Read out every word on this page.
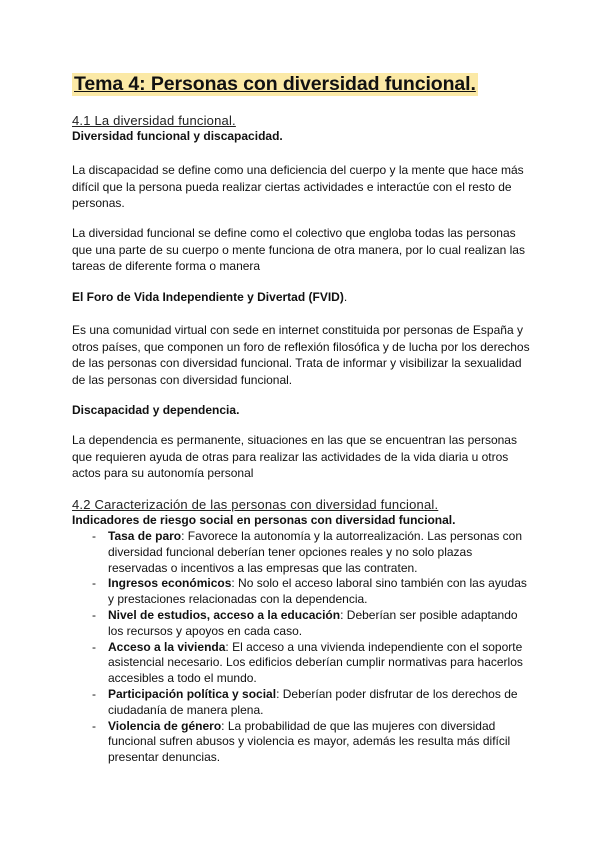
Tema 4: Personas con diversidad funcional.
4.1 La diversidad funcional.
Diversidad funcional y discapacidad.

La discapacidad se define como una deficiencia del cuerpo y la mente que hace más difícil que la persona pueda realizar ciertas actividades e interactúe con el resto de personas.

La diversidad funcional se define como el colectivo que engloba todas las personas que una parte de su cuerpo o mente funciona de otra manera, por lo cual realizan las tareas de diferente forma o manera

El Foro de Vida Independiente y Divertad (FVID).

Es una comunidad virtual con sede en internet constituida por personas de España y otros países, que componen un foro de reflexión filosófica y de lucha por los derechos de las personas con diversidad funcional. Trata de informar y visibilizar la sexualidad de las personas con diversidad funcional.

Discapacidad y dependencia.

La dependencia es permanente, situaciones en las que se encuentran las personas que requieren ayuda de otras para realizar las actividades de la vida diaria u otros actos para su autonomía personal

4.2 Caracterización de las personas con diversidad funcional.
Indicadores de riesgo social en personas con diversidad funcional.
- Tasa de paro: Favorece la autonomía y la autorrealización. Las personas con diversidad funcional deberían tener opciones reales y no solo plazas reservadas o incentivos a las empresas que las contraten.
- Ingresos económicos: No solo el acceso laboral sino también con las ayudas y prestaciones relacionadas con la dependencia.
- Nivel de estudios, acceso a la educación: Deberían ser posible adaptando los recursos y apoyos en cada caso.
- Acceso a la vivienda: El acceso a una vivienda independiente con el soporte asistencial necesario. Los edificios deberían cumplir normativas para hacerlos accesibles a todo el mundo.
- Participación política y social: Deberían poder disfrutar de los derechos de ciudadanía de manera plena.
- Violencia de género: La probabilidad de que las mujeres con diversidad funcional sufren abusos y violencia es mayor, además les resulta más difícil presentar denuncias.
